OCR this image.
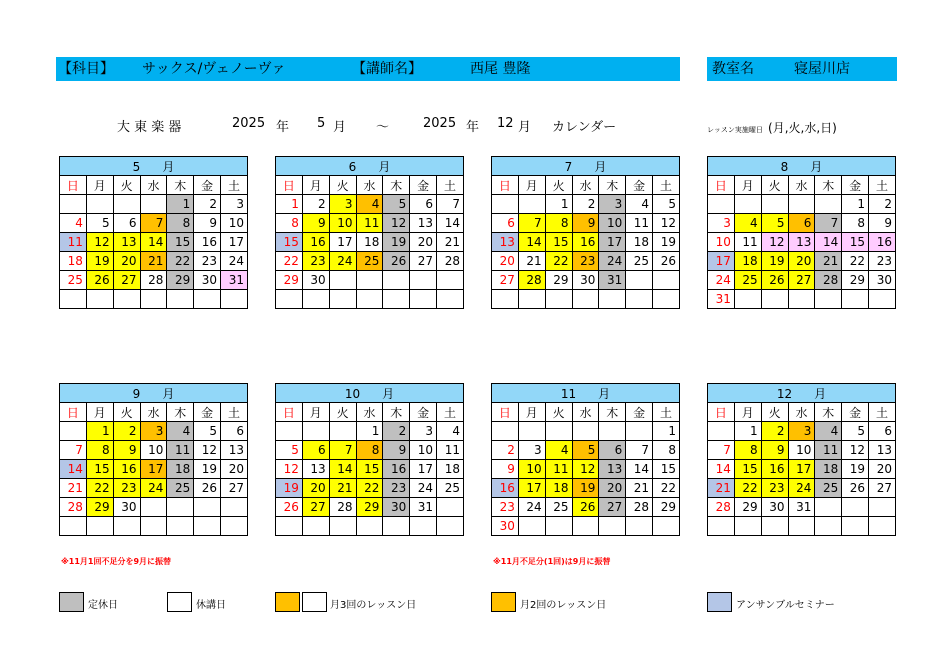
【科目】 サックス/ヴェノーヴァ	【講師名】	西尾 豊隆	教室名	寝屋川店
大 東 楽 器	2025 年 5 月 ～	2025 年 12 月 カレンダー	レッスン実施曜日 (月,火,水,日)
5 月						
日	月	火	水	木	金	土
				1	2	3
4	5	6	7	8	9	10
11	12	13	14	15	16	17
18	19	20	21	22	23	24
25	26	27	28	29	30	31

6 月						
日	月	火	水	木	金	土
1	2	3	4	5	6	7
8	9	10	11	12	13	14
15	16	17	18	19	20	21
22	23	24	25	26	27	28
29	30					

7 月						
日	月	火	水	木	金	土
		1	2	3	4	5
6	7	8	9	10	11	12
13	14	15	16	17	18	19
20	21	22	23	24	25	26
27	28	29	30	31		

8 月						
日	月	火	水	木	金	土
					1	2
3	4	5	6	7	8	9
10	11	12	13	14	15	16
17	18	19	20	21	22	23
24	25	26	27	28	29	30
31						
9 月						
日	月	火	水	木	金	土
	1	2	3	4	5	6
7	8	9	10	11	12	13
14	15	16	17	18	19	20
21	22	23	24	25	26	27
28	29	30				

10 月						
日	月	火	水	木	金	土
			1	2	3	4
5	6	7	8	9	10	11
12	13	14	15	16	17	18
19	20	21	22	23	24	25
26	27	28	29	30	31	

11 月						
日	月	火	水	木	金	土
						1
2	3	4	5	6	7	8
9	10	11	12	13	14	15
16	17	18	19	20	21	22
23	24	25	26	27	28	29
30						
12 月						
日	月	火	水	木	金	土
	1	2	3	4	5	6
7	8	9	10	11	12	13
14	15	16	17	18	19	20
21	22	23	24	25	26	27
28	29	30	31			

※11月1回不足分を9月に振替	※11月不足分(1回)は9月に振替
定休日	休講日	月3回のレッスン日	月2回のレッスン日	アンサンブルセミナー
